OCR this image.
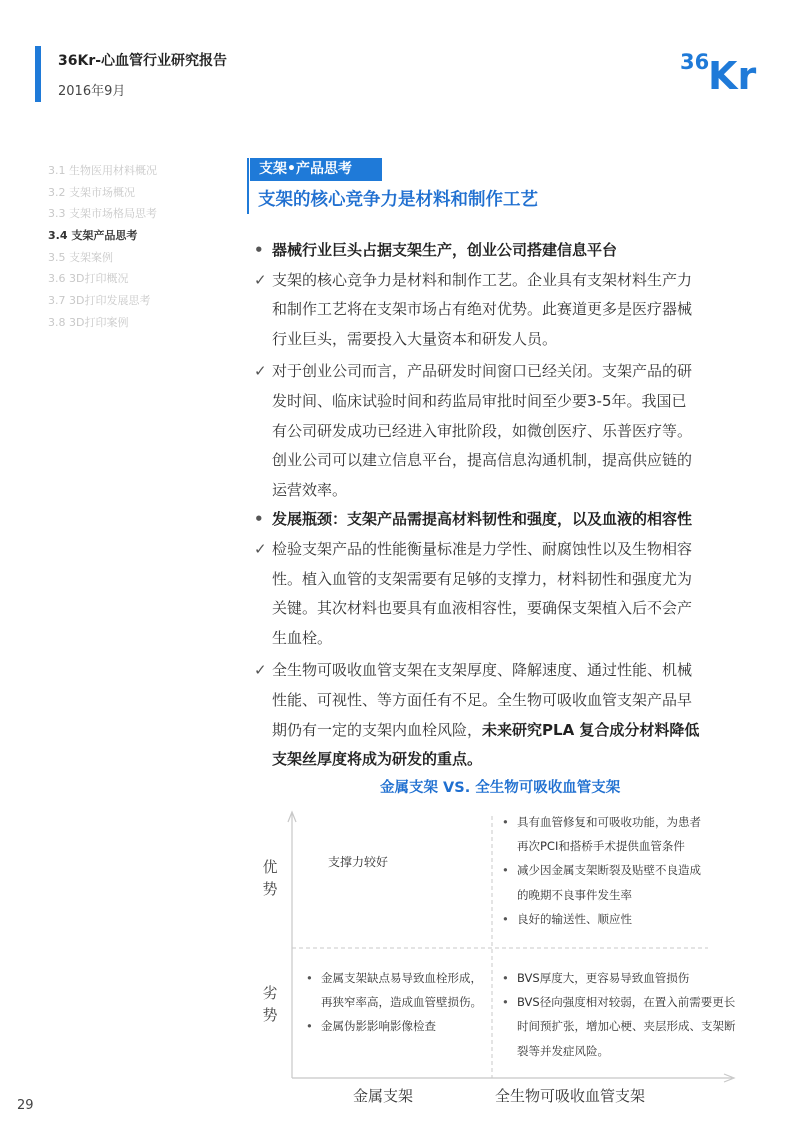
36Kr-心血管行业研究报告
2016年9月
36
Kr
3.1 生物医用材料概况
3.2 支架市场概况
3.3 支架市场格局思考
3.4 支架产品思考
3.5 支架案例
3.6 3D打印概况
3.7 3D打印发展思考
3.8 3D打印案例
支架•产品思考
支架的核心竞争力是材料和制作工艺
• 器械行业巨头占据支架生产，创业公司搭建信息平台
✓ 支架的核心竞争力是材料和制作工艺。企业具有支架材料生产力
和制作工艺将在支架市场占有绝对优势。此赛道更多是医疗器械
行业巨头，需要投入大量资本和研发人员。
✓ 对于创业公司而言，产品研发时间窗口已经关闭。支架产品的研
发时间、临床试验时间和药监局审批时间至少要3-5年。我国已
有公司研发成功已经进入审批阶段，如微创医疗、乐普医疗等。
创业公司可以建立信息平台，提高信息沟通机制，提高供应链的
运营效率。
• 发展瓶颈：支架产品需提高材料韧性和强度，以及血液的相容性
✓ 检验支架产品的性能衡量标准是力学性、耐腐蚀性以及生物相容
性。植入血管的支架需要有足够的支撑力，材料韧性和强度尤为
关键。其次材料也要具有血液相容性，要确保支架植入后不会产
生血栓。
✓ 全生物可吸收血管支架在支架厚度、降解速度、通过性能、机械
性能、可视性、等方面任有不足。全生物可吸收血管支架产品早
期仍有一定的支架内血栓风险，未来研究PLA 复合成分材料降低
支架丝厚度将成为研发的重点。
金属支架 VS. 全生物可吸收血管支架
优势
劣势
金属支架	全生物可吸收血管支架
支撑力较好
• 具有血管修复和可吸收功能，为患者再次PCI和搭桥手术提供血管条件
• 减少因金属支架断裂及贴壁不良造成的晚期不良事件发生率
• 良好的输送性、顺应性
• 金属支架缺点易导致血栓形成，再狭窄率高，造成血管壁损伤。
• 金属伪影影响影像检查
• BVS厚度大，更容易导致血管损伤
• BVS径向强度相对较弱，在置入前需要更长时间预扩张，增加心梗、夹层形成、支架断裂等并发症风险。
29
